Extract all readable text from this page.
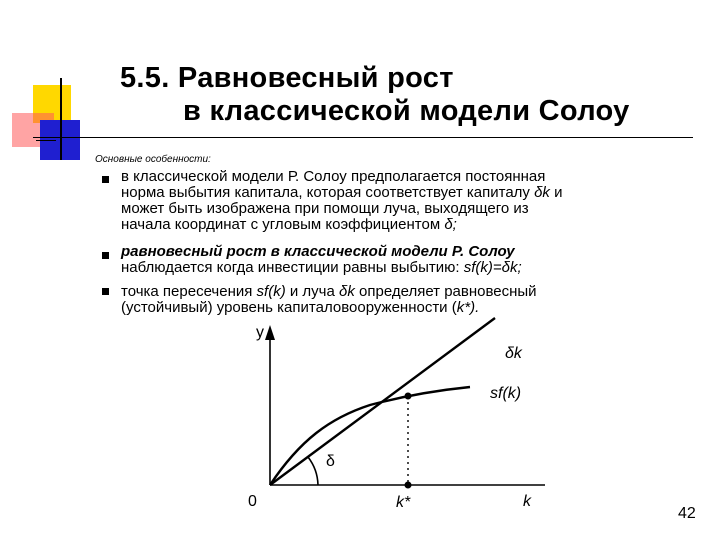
5.5. Равновесный рост
в классической модели Солоу
Основные особенности:
в классической модели Р. Солоу предполагается постоянная
норма выбытия капитала, которая соответствует капиталу δk и
может быть изображена при помощи луча, выходящего из
начала координат с угловым коэффициентом δ;
равновесный рост в классической модели Р. Солоу
наблюдается когда инвестиции равны выбытию: sf(k)=δk;
точка пересечения sf(k) и луча δk определяет равновесный
(устойчивый) уровень капиталовооруженности (k*).
y
δk
sf(k)
δ
0	k*	k
42
